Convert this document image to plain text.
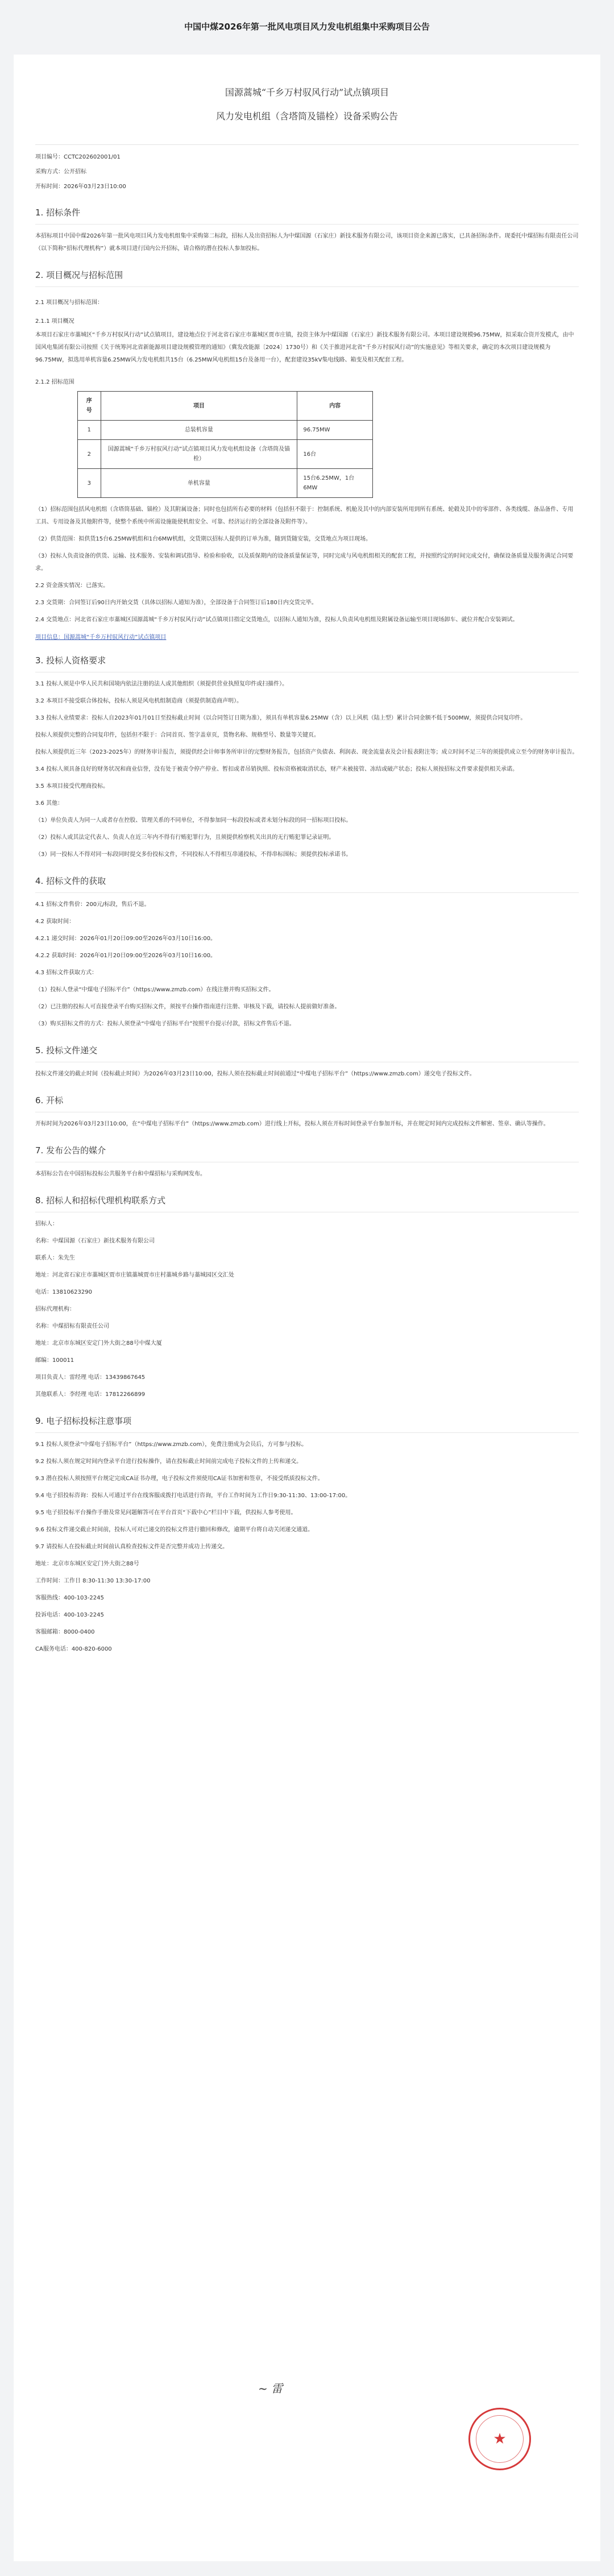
中国中煤2026年第一批风电项目风力发电机组集中采购项目公告
国源蒿城“千乡万村驭风行动”试点镇项目
风力发电机组（含塔筒及锚栓）设备采购公告
项目编号：CCTC202602001/01
采购方式：公开招标
开标时间：2026年03月23日10:00
1. 招标条件

本招标项目中国中煤2026年第一批风电项目风力发电机组集中采购第二标段，招标人及出资招标人为中煤国源（石家庄）新技术服务有限公司，该项目资金来源已落实，已具备招标条件。现委托中煤招标有限责任公司（以下简称“招标代理机构”）就本项目进行国内公开招标，请合格的潜在投标人参加投标。

2. 项目概况与招标范围
2.1 项目概况与招标范围：
2.1.1 项目概况

本项目石家庄市藁城区“千乡万村驭风行动”试点镇项目，建设地点位于河北省石家庄市藁城区贾市庄镇，投资主体为中煤国源（石家庄）新技术服务有限公司。本项目建设规模96.75MW，拟采取合资开发模式，由中国风电集团有限公司按照《关于统筹河北省新能源项目建设规模管理的通知》（冀发改能源〔2024〕1730号）和《关于推进河北省“千乡万村驭风行动”的实施意见》等相关要求，确定的本次项目建设规模为96.75MW，拟选用单机容量6.25MW风力发电机组共15台（6.25MW风电机组15台及备用一台），配套建设35kV集电线路、箱变及相关配套工程。

2.1.2 招标范围
序号	项目	内容
1	总装机容量	96.75MW
2	国源蒿城“千乡万村驭风行动”试点镇项目风力发电机组设备（含塔筒及锚栓）	16台
3	单机容量	15台6.25MW，1台6MW

（1）招标范围包括风电机组（含塔筒基础、锚栓）及其附属设备；同时也包括所有必要的材料（包括但不限于：控制系统、机舱及其中的内部安装所用到所有系统、轮毂及其中的零部件、各类线缆、备品备件、专用工具、专用设备及其他附件等，使整个系统中所需设施能使机组安全、可靠、经济运行的全部设备及附件等）。

（2）供货范围：拟供货15台6.25MW机组和1台6MW机组，交货期以招标人提供的订单为准，随到货随安装，交货地点为项目现场。

（3）投标人负责设备的供货、运输、技术服务、安装和调试指导、检验和验收，以及质保期内的设备质量保证等，同时完成与风电机组相关的配套工程，并按照约定的时间完成交付，确保设备质量及服务满足合同要求。

2.2 资金落实情况：已落实。

2.3 交货期：合同签订后90日内开始交货（具体以招标人通知为准），全部设备于合同签订后180日内交货完毕。

2.4 交货地点：河北省石家庄市藁城区国源蒿城“千乡万村驭风行动”试点镇项目指定交货地点，以招标人通知为准，投标人负责风电机组及附属设备运输至项目现场卸车、就位并配合安装调试。

项目信息：国源蒿城“千乡万村驭风行动”试点镇项目
3. 投标人资格要求

3.1 投标人须是中华人民共和国境内依法注册的法人或其他组织（须提供营业执照复印件或扫描件）。

3.2 本项目不接受联合体投标，投标人须是风电机组制造商（须提供制造商声明）。

3.3 投标人业绩要求：投标人自2023年01月01日至投标截止时间（以合同签订日期为准），须具有单机容量6.25MW（含）以上风机（陆上型）累计合同金额不低于500MW，须提供合同复印件。

投标人须提供完整的合同复印件，包括但不限于：合同首页、签字盖章页，货物名称、规格型号、数量等关键页。

投标人须提供近三年（2023-2025年）的财务审计报告，须提供经会计师事务所审计的完整财务报告，包括资产负债表、利润表、现金流量表及会计报表附注等；成立时间不足三年的须提供成立至今的财务审计报告。

3.4 投标人须具备良好的财务状况和商业信誉，没有处于被责令停产停业、暂扣或者吊销执照、投标资格被取消状态，财产未被接管、冻结或破产状态；投标人须按招标文件要求提供相关承诺。

3.5 本项目接受代理商投标。

3.6 其他：

（1）单位负责人为同一人或者存在控股、管理关系的不同单位，不得参加同一标段投标或者未划分标段的同一招标项目投标。

（2）投标人或其法定代表人、负责人在近三年内不得有行贿犯罪行为，且须提供检察机关出具的无行贿犯罪记录证明。

（3）同一投标人不得对同一标段同时提交多份投标文件，不同投标人不得相互串通投标，不得串标围标；须提供投标承诺书。

4. 招标文件的获取

4.1 招标文件售价：200元/标段，售后不退。

4.2 获取时间：

4.2.1 递交时间：2026年01月20日09:00至2026年03月10日16:00。

4.2.2 获取时间：2026年01月20日09:00至2026年03月10日16:00。

4.3 招标文件获取方式：

（1）投标人登录“中煤电子招标平台”（https://www.zmzb.com）在线注册并购买招标文件。

（2）已注册的投标人可直接登录平台购买招标文件，须按平台操作指南进行注册、审核及下载，请投标人提前做好准备。

（3）购买招标文件的方式：投标人须登录“中煤电子招标平台”按照平台提示付款，招标文件售后不退。

5. 投标文件递交

投标文件递交的截止时间（投标截止时间）为2026年03月23日10:00，投标人须在投标截止时间前通过“中煤电子招标平台”（https://www.zmzb.com）递交电子投标文件。

6. 开标

开标时间为2026年03月23日10:00，在“中煤电子招标平台”（https://www.zmzb.com）进行线上开标，投标人须在开标时间登录平台参加开标，并在规定时间内完成投标文件解密、签章、确认等操作。

7. 发布公告的媒介

本招标公告在中国招标投标公共服务平台和中煤招标与采购网发布。

8. 招标人和招标代理机构联系方式

招标人：

名称：中煤国源（石家庄）新技术服务有限公司

联系人：朱先生

地址：河北省石家庄市藁城区贾市庄镇藁城贾市庄村藁城乡路与藁城园区交汇处

电话：13810623290

招标代理机构：

名称：中煤招标有限责任公司

地址：北京市东城区安定门外大街之88号中煤大厦

邮编：100011

项目负责人：雷经理 电话：13439867645

其他联系人：李经理 电话：17812266899

9. 电子招标投标注意事项

9.1 投标人须登录“中煤电子招标平台”（https://www.zmzb.com），免费注册成为会员后，方可参与投标。

9.2 投标人须在规定时间内登录平台进行投标操作，请在投标截止时间前完成电子投标文件的上传和递交。

9.3 潜在投标人须按照平台规定完成CA证书办理，电子投标文件须使用CA证书加密和签章，不接受纸质投标文件。

9.4 电子招投标咨询：投标人可通过平台在线客服或拨打电话进行咨询，平台工作时间为工作日9:30-11:30、13:00-17:00。

9.5 电子招投标平台操作手册及常见问题解答可在平台首页“下载中心”栏目中下载，供投标人参考使用。

9.6 投标文件递交截止时间前，投标人可对已递交的投标文件进行撤回和修改，逾期平台将自动关闭递交通道。

9.7 请投标人在投标截止时间前认真检查投标文件是否完整并成功上传递交。

地址：北京市东城区安定门外大街之88号

工作时间：工作日 8:30-11:30 13:30-17:00

客服热线：400-103-2245

投诉电话：400-103-2245

客服邮箱：8000-0400

CA服务电话：400-820-6000

~ 雷
★
